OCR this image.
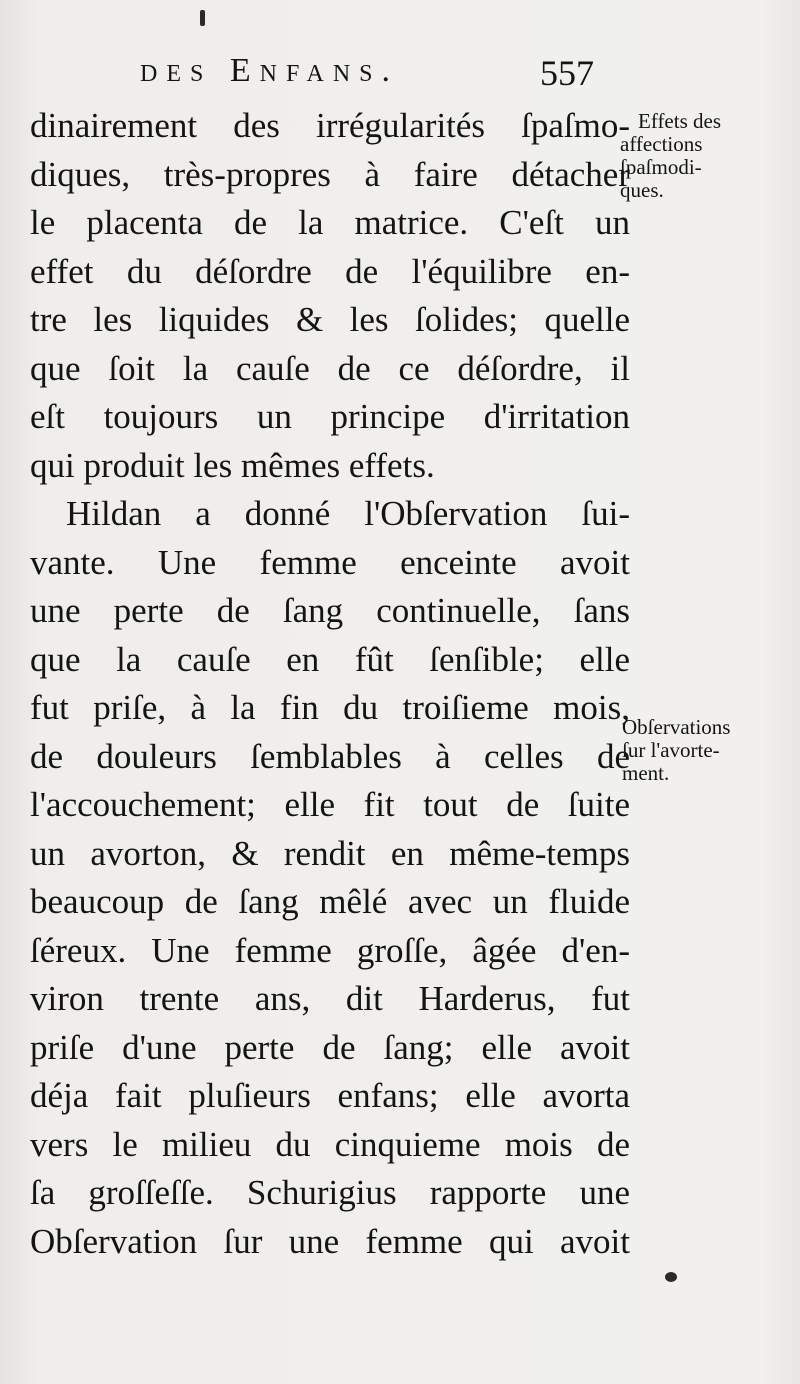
des Enfans.	557
dinairement des irrégularités ſpaſmo-
diques, très-propres à faire détacher
le placenta de la matrice. C'eſt un
effet du déſordre de l'équilibre en-
tre les liquides & les ſolides; quelle
que ſoit la cauſe de ce déſordre, il
eſt toujours un principe d'irritation
qui produit les mêmes effets.
Hildan a donné l'Obſervation ſui-
vante. Une femme enceinte avoit
une perte de ſang continuelle, ſans
que la cauſe en fût ſenſible; elle
fut priſe, à la fin du troiſieme mois,
de douleurs ſemblables à celles de
l'accouchement; elle fit tout de ſuite
un avorton, & rendit en même-temps
beaucoup de ſang mêlé avec un fluide
ſéreux. Une femme groſſe, âgée d'en-
viron trente ans, dit Harderus, fut
priſe d'une perte de ſang; elle avoit
déja fait pluſieurs enfans; elle avorta
vers le milieu du cinquieme mois de
ſa groſſeſſe. Schurigius rapporte une
Obſervation ſur une femme qui avoit
Effets des
affections
ſpaſmodi-
ques.
Obſervations
ſur l'avorte-
ment.
